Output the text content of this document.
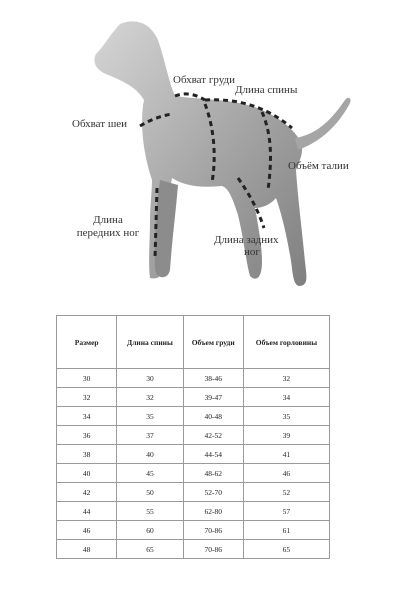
Обхват груди
Длина спины
Обхват шеи
Объём талии
Длина
передних ног
Длина задних
ног
Размер	Длина спины	Объем груди	Объем горловины
30	30	38-46	32
32	32	39-47	34
34	35	40-48	35
36	37	42-52	39
38	40	44-54	41
40	45	48-62	46
42	50	52-70	52
44	55	62-80	57
46	60	70-86	61
48	65	70-86	65
